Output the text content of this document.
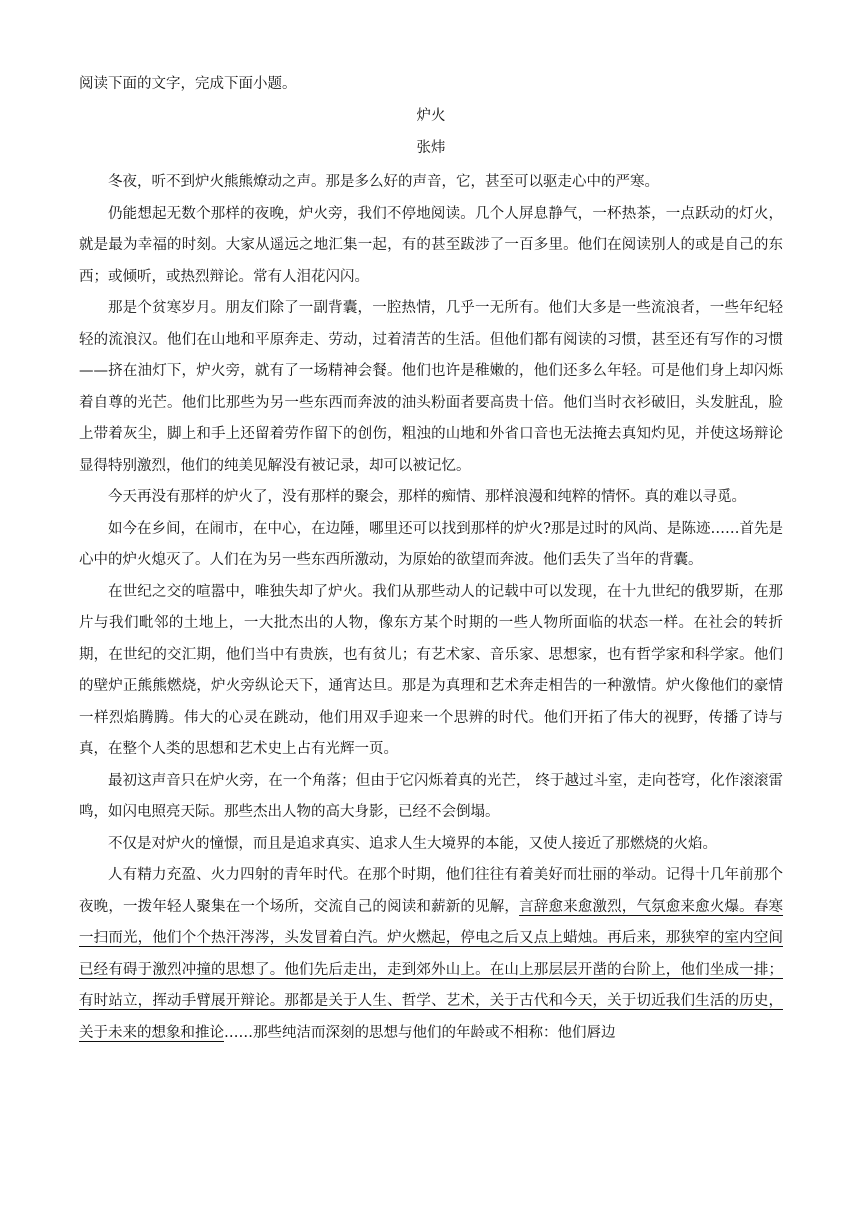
阅读下面的文字，完成下面小题。

炉火

张炜

冬夜，听不到炉火熊熊燎动之声。那是多么好的声音，它，甚至可以驱走心中的严寒。

仍能想起无数个那样的夜晚，炉火旁，我们不停地阅读。几个人屏息静气，一杯热茶，一点跃动的灯火， 就是最为幸福的时刻。大家从遥远之地汇集一起，有的甚至跋涉了一百多里。他们在阅读别人的或是自己的东西；或倾听，或热烈辩论。常有人泪花闪闪。

那是个贫寒岁月。朋友们除了一副背囊，一腔热情，几乎一无所有。他们大多是一些流浪者，一些年纪轻轻的流浪汉。他们在山地和平原奔走、劳动，过着清苦的生活。但他们都有阅读的习惯，甚至还有写作的习惯——挤在油灯下，炉火旁，就有了一场精神会餐。他们也许是稚嫩的，他们还多么年轻。可是他们身上却闪烁着自尊的光芒。他们比那些为另一些东西而奔波的油头粉面者要高贵十倍。他们当时衣衫破旧，头发脏乱，脸上带着灰尘，脚上和手上还留着劳作留下的创伤，粗浊的山地和外省口音也无法掩去真知灼见，并使这场辩论显得特别激烈，他们的纯美见解没有被记录，却可以被记忆。

今天再没有那样的炉火了，没有那样的聚会，那样的痴情、那样浪漫和纯粹的情怀。真的难以寻觅。

如今在乡间，在闹市，在中心，在边陲，哪里还可以找到那样的炉火?那是过时的风尚、是陈迹……首先是心中的炉火熄灭了。人们在为另一些东西所激动，为原始的欲望而奔波。他们丢失了当年的背囊。

在世纪之交的喧嚣中，唯独失却了炉火。我们从那些动人的记载中可以发现，在十九世纪的俄罗斯，在那片与我们毗邻的土地上，一大批杰出的人物，像东方某个时期的一些人物所面临的状态一样。在社会的转折期，在世纪的交汇期，他们当中有贵族，也有贫儿；有艺术家、音乐家、思想家，也有哲学家和科学家。他们的壁炉正熊熊燃烧，炉火旁纵论天下，通宵达旦。那是为真理和艺术奔走相告的一种激情。炉火像他们的豪情一样烈焰腾腾。伟大的心灵在跳动，他们用双手迎来一个思辨的时代。他们开拓了伟大的视野，传播了诗与真，在整个人类的思想和艺术史上占有光辉一页。

最初这声音只在炉火旁，在一个角落；但由于它闪烁着真的光芒， 终于越过斗室，走向苍穹，化作滚滚雷鸣，如闪电照亮天际。那些杰出人物的高大身影，已经不会倒塌。

不仅是对炉火的憧憬，而且是追求真实、追求人生大境界的本能，又使人接近了那燃烧的火焰。

人有精力充盈、火力四射的青年时代。在那个时期，他们往往有着美好而壮丽的举动。记得十几年前那个夜晚，一拨年轻人聚集在一个场所，交流自己的阅读和薪新的见解，言辞愈来愈激烈，气氛愈来愈火爆。春寒一扫而光，他们个个热汗涔涔，头发冒着白汽。炉火燃起，停电之后又点上蜡烛。再后来，那狭窄的室内空间已经有碍于激烈冲撞的思想了。他们先后走出，走到郊外山上。在山上那层层开凿的台阶上，他们坐成一排；有时站立，挥动手臂展开辩论。那都是关于人生、哲学、艺术，关于古代和今天，关于切近我们生活的历史，关于未来的想象和推论……那些纯洁而深刻的思想与他们的年龄或不相称：他们唇边
